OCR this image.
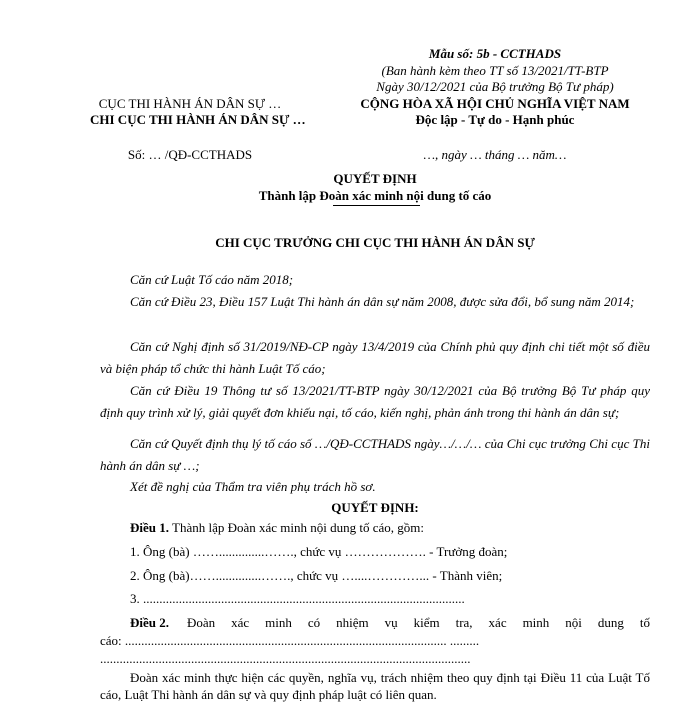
Mẫu số: 5b - CCTHADS
(Ban hành kèm theo TT số 13/2021/TT-BTP
Ngày 30/12/2021 của Bộ trưởng Bộ Tư pháp)
CỤC THI HÀNH ÁN DÂN SỰ …
CHI CỤC THI HÀNH ÁN DÂN SỰ …
CỘNG HÒA XÃ HỘI CHỦ NGHĨA VIỆT NAM
Độc lập - Tự do - Hạnh phúc
Số: … /QĐ-CCTHADS	…, ngày … tháng … năm…
QUYẾT ĐỊNH
Thành lập Đoàn xác minh nội dung tố cáo
CHI CỤC TRƯỞNG CHI CỤC THI HÀNH ÁN DÂN SỰ
Căn cứ Luật Tố cáo năm 2018;
Căn cứ Điều 23, Điều 157 Luật Thi hành án dân sự năm 2008, được sửa đổi, bổ sung năm 2014;
Căn cứ Nghị định số 31/2019/NĐ-CP ngày 13/4/2019 của Chính phủ quy định chi tiết một số điều và biện pháp tổ chức thi hành Luật Tố cáo;
Căn cứ Điều 19 Thông tư số 13/2021/TT-BTP ngày 30/12/2021 của Bộ trưởng Bộ Tư pháp quy định quy trình xử lý, giải quyết đơn khiếu nại, tố cáo, kiến nghị, phản ánh trong thi hành án dân sự;
Căn cứ Quyết định thụ lý tố cáo số …/QĐ-CCTHADS ngày…/…/… của Chi cục trưởng Chi cục Thi hành án dân sự …;
Xét đề nghị của Thẩm tra viên phụ trách hồ sơ.
QUYẾT ĐỊNH:
Điều 1. Thành lập Đoàn xác minh nội dung tố cáo, gồm:
1. Ông (bà) ……..............……., chức vụ ………………. - Trưởng đoàn;
2. Ông (bà)……..............……., chức vụ …....…………... - Thành viên;
3. ...................................................................................................
Điều 2. Đoàn xác minh có nhiệm vụ kiểm tra, xác minh nội dung tố
cáo: ................................................................................................... .........
..................................................................................................................
Đoàn xác minh thực hiện các quyền, nghĩa vụ, trách nhiệm theo quy định tại Điều 11 của Luật Tố cáo, Luật Thi hành án dân sự và quy định pháp luật có liên quan.
